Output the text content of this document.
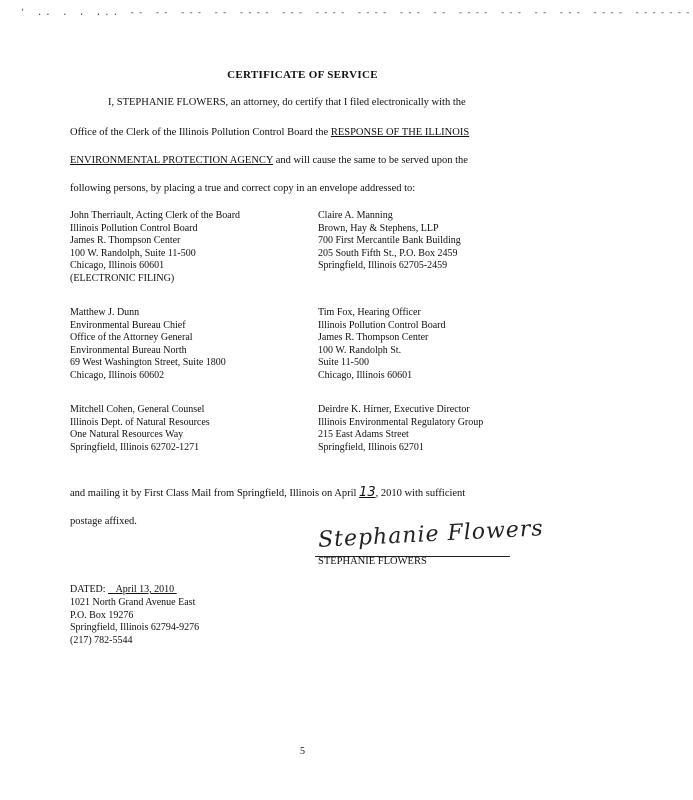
' .. . . ... -- -- --- -- ---- --- ---- ---- --- -- ---- --- -- --- ---- -------
CERTIFICATE OF SERVICE
I, STEPHANIE FLOWERS, an attorney, do certify that I filed electronically with the
Office of the Clerk of the Illinois Pollution Control Board the RESPONSE OF THE ILLINOIS
ENVIRONMENTAL PROTECTION AGENCY and will cause the same to be served upon the
following persons, by placing a true and correct copy in an envelope addressed to:
John Therriault, Acting Clerk of the Board
Illinois Pollution Control Board
James R. Thompson Center
100 W. Randolph, Suite 11-500
Chicago, Illinois 60601
(ELECTRONIC FILING)
Claire A. Manning
Brown, Hay & Stephens, LLP
700 First Mercantile Bank Building
205 South Fifth St., P.O. Box 2459
Springfield, Illinois 62705-2459
Matthew J. Dunn
Environmental Bureau Chief
Office of the Attorney General
Environmental Bureau North
69 West Washington Street, Suite 1800
Chicago, Illinois 60602
Tim Fox, Hearing Officer
Illinois Pollution Control Board
James R. Thompson Center
100 W. Randolph St.
Suite 11-500
Chicago, Illinois 60601
Mitchell Cohen, General Counsel
Illinois Dept. of Natural Resources
One Natural Resources Way
Springfield, Illinois 62702-1271
Deirdre K. Hirner, Executive Director
Illinois Environmental Regulatory Group
215 East Adams Street
Springfield, Illinois 62701
and mailing it by First Class Mail from Springfield, Illinois on April 13, 2010 with sufficient
postage affixed.	Stephanie Flowers
STEPHANIE FLOWERS
DATED: April 13, 2010
1021 North Grand Avenue East
P.O. Box 19276
Springfield, Illinois 62794-9276
(217) 782-5544
5
